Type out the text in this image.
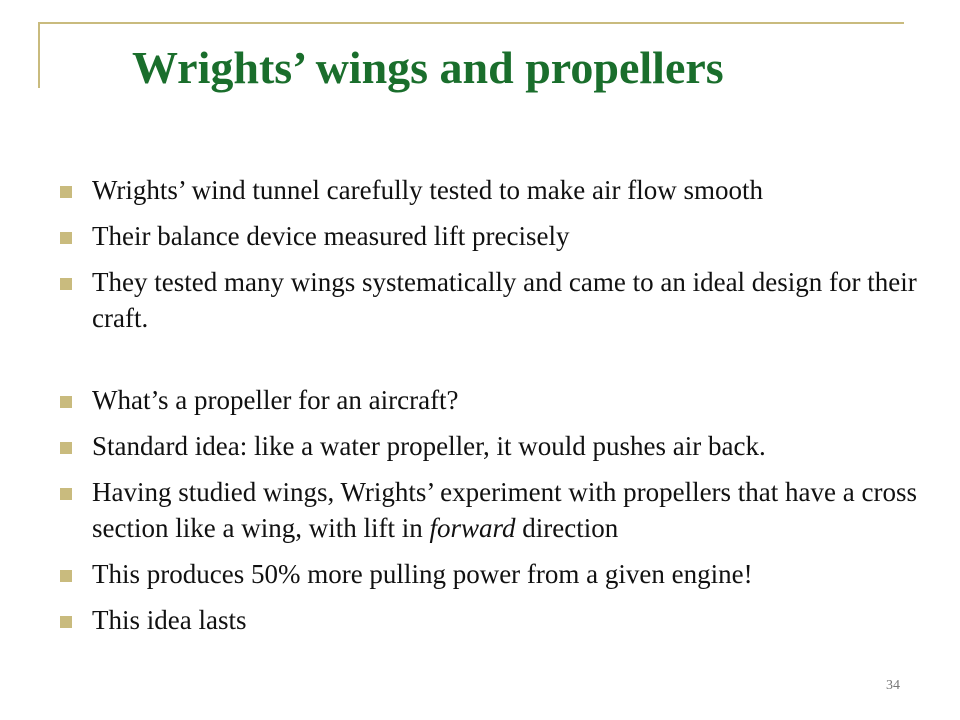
Wrights’ wings and propellers
Wrights’ wind tunnel carefully tested to make air flow smooth
Their balance device measured lift precisely
They tested many wings systematically and came to an ideal design for their craft.
What’s a propeller for an aircraft?
Standard idea: like a water propeller, it would pushes air back.
Having studied wings, Wrights’ experiment with propellers that have a cross section like a wing, with lift in forward direction
This produces 50% more pulling power from a given engine!
This idea lasts
34
